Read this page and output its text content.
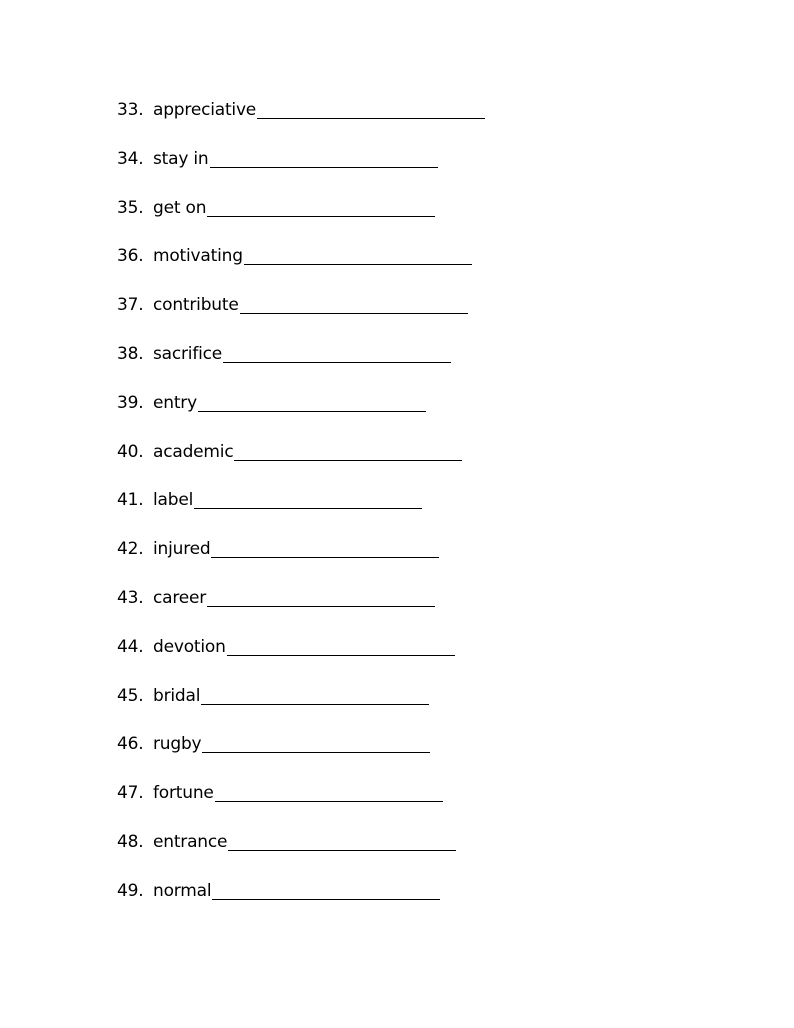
33. appreciative
34. stay in
35. get on
36. motivating
37. contribute
38. sacrifice
39. entry
40. academic
41. label
42. injured
43. career
44. devotion
45. bridal
46. rugby
47. fortune
48. entrance
49. normal
